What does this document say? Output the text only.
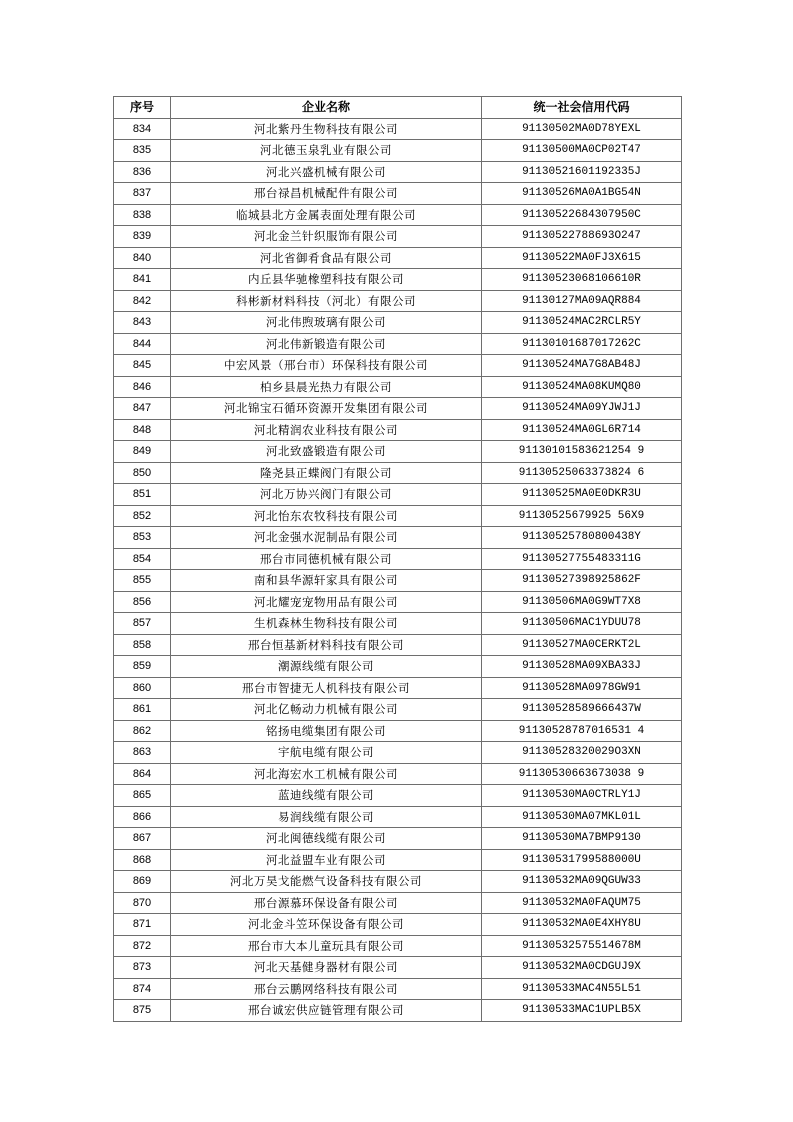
序号	企业名称	统一社会信用代码
834	河北紫丹生物科技有限公司	91130502MA0D78YEXL
835	河北德玉泉乳业有限公司	91130500MA0CP02T47
836	河北兴盛机械有限公司	91130521601192335J
837	邢台禄昌机械配件有限公司	91130526MA0A1BG54N
838	临城县北方金属表面处理有限公司	91130522684307950C
839	河北金兰针织服饰有限公司	91130522788693O247
840	河北省御肴食品有限公司	91130522MA0FJ3X615
841	内丘县华驰橡塑科技有限公司	91130523068106610R
842	科彬新材料科技（河北）有限公司	91130127MA09AQR884
843	河北伟煦玻璃有限公司	91130524MAC2RCLR5Y
844	河北伟新锻造有限公司	91130101687017262C
845	中宏风景（邢台市）环保科技有限公司	91130524MA7G8AB48J
846	柏乡县晨光热力有限公司	91130524MA08KUMQ80
847	河北锦宝石循环资源开发集团有限公司	91130524MA09YJWJ1J
848	河北精润农业科技有限公司	91130524MA0GL6R714
849	河北致盛锻造有限公司	91130101583621254 9
850	隆尧县正蝶阀门有限公司	91130525063373824 6
851	河北万协兴阀门有限公司	91130525MA0E0DKR3U
852	河北怡东农牧科技有限公司	91130525679925 56X9
853	河北金强水泥制品有限公司	91130525780800438Y
854	邢台市同德机械有限公司	91130527755483311G
855	南和县华源轩家具有限公司	91130527398925862F
856	河北耀宠宠物用品有限公司	91130506MA0G9WT7X8
857	生机森林生物科技有限公司	91130506MAC1YDUU78
858	邢台恒基新材料科技有限公司	91130527MA0CERKT2L
859	潮源线缆有限公司	91130528MA09XBA33J
860	邢台市智捷无人机科技有限公司	91130528MA0978GW91
861	河北亿畅动力机械有限公司	91130528589666437W
862	铭扬电缆集团有限公司	91130528787016531 4
863	宇航电缆有限公司	91130528320029O3XN
864	河北海宏水工机械有限公司	91130530663673038 9
865	蓝迪线缆有限公司	91130530MA0CTRLY1J
866	易润线缆有限公司	91130530MA07MKL01L
867	河北闽德线缆有限公司	91130530MA7BMP9130
868	河北益盟车业有限公司	91130531799588000U
869	河北万昊戈能燃气设备科技有限公司	91130532MA09QGUW33
870	邢台源慕环保设备有限公司	91130532MA0FAQUM75
871	河北金斗笠环保设备有限公司	91130532MA0E4XHY8U
872	邢台市大本儿童玩具有限公司	91130532575514678M
873	河北天基健身器材有限公司	91130532MA0CDGUJ9X
874	邢台云鹏网络科技有限公司	91130533MAC4N55L51
875	邢台诚宏供应链管理有限公司	91130533MAC1UPLB5X
